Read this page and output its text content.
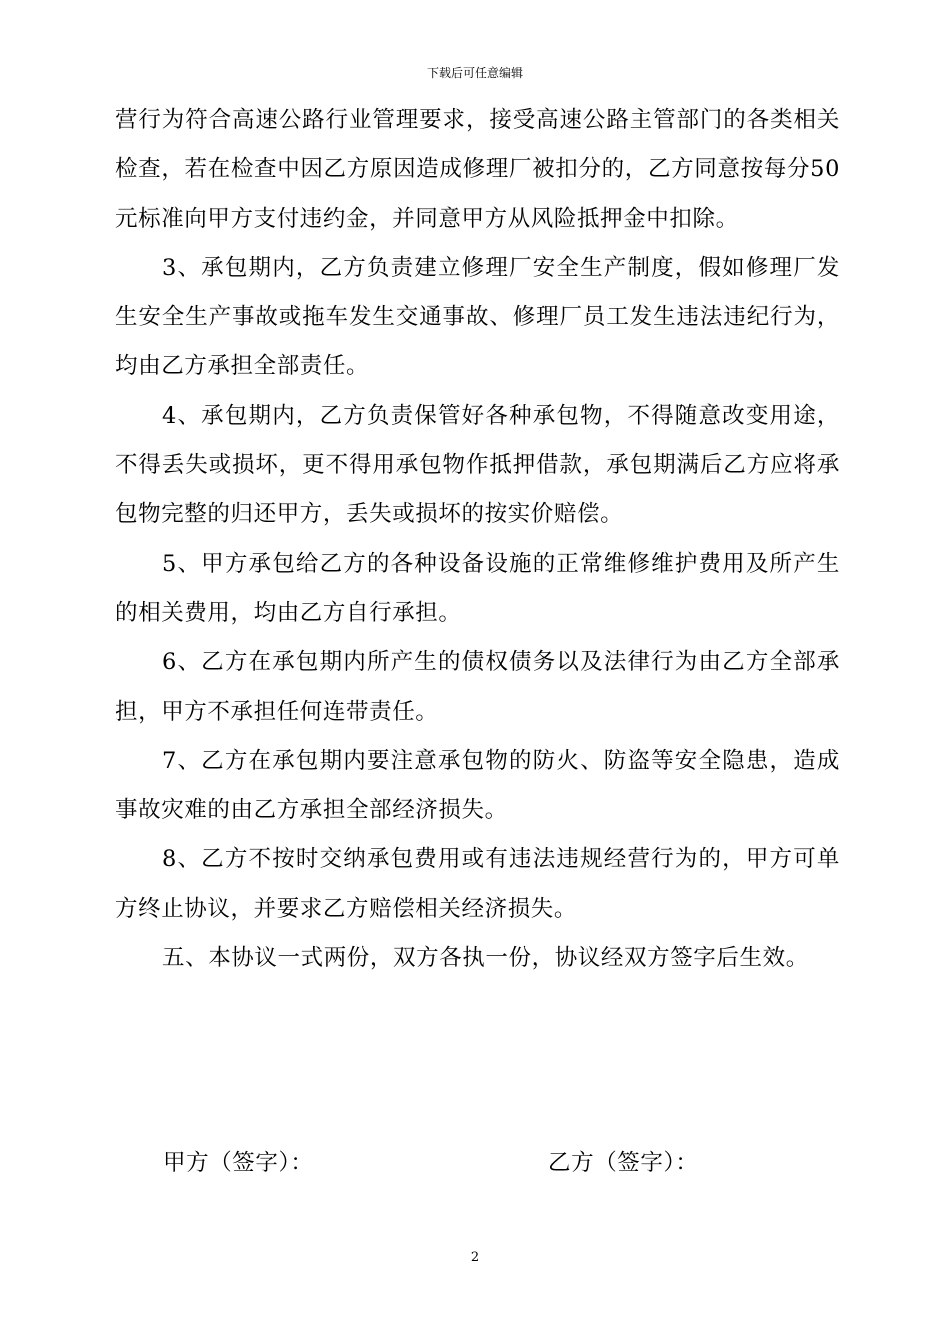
下载后可任意编辑

营行为符合高速公路行业管理要求，接受高速公路主管部门的各类相关检查，若在检查中因乙方原因造成修理厂被扣分的，乙方同意按每分50元标准向甲方支付违约金，并同意甲方从风险抵押金中扣除。

3、承包期内，乙方负责建立修理厂安全生产制度，假如修理厂发生安全生产事故或拖车发生交通事故、修理厂员工发生违法违纪行为，均由乙方承担全部责任。

4、承包期内，乙方负责保管好各种承包物，不得随意改变用途，不得丢失或损坏，更不得用承包物作抵押借款，承包期满后乙方应将承包物完整的归还甲方，丢失或损坏的按实价赔偿。

5、甲方承包给乙方的各种设备设施的正常维修维护费用及所产生的相关费用，均由乙方自行承担。

6、乙方在承包期内所产生的债权债务以及法律行为由乙方全部承担，甲方不承担任何连带责任。

7、乙方在承包期内要注意承包物的防火、防盗等安全隐患，造成事故灾难的由乙方承担全部经济损失。

8、乙方不按时交纳承包费用或有违法违规经营行为的，甲方可单方终止协议，并要求乙方赔偿相关经济损失。

五、本协议一式两份，双方各执一份，协议经双方签字后生效。

甲方（签字）：	乙方（签字）：
2
